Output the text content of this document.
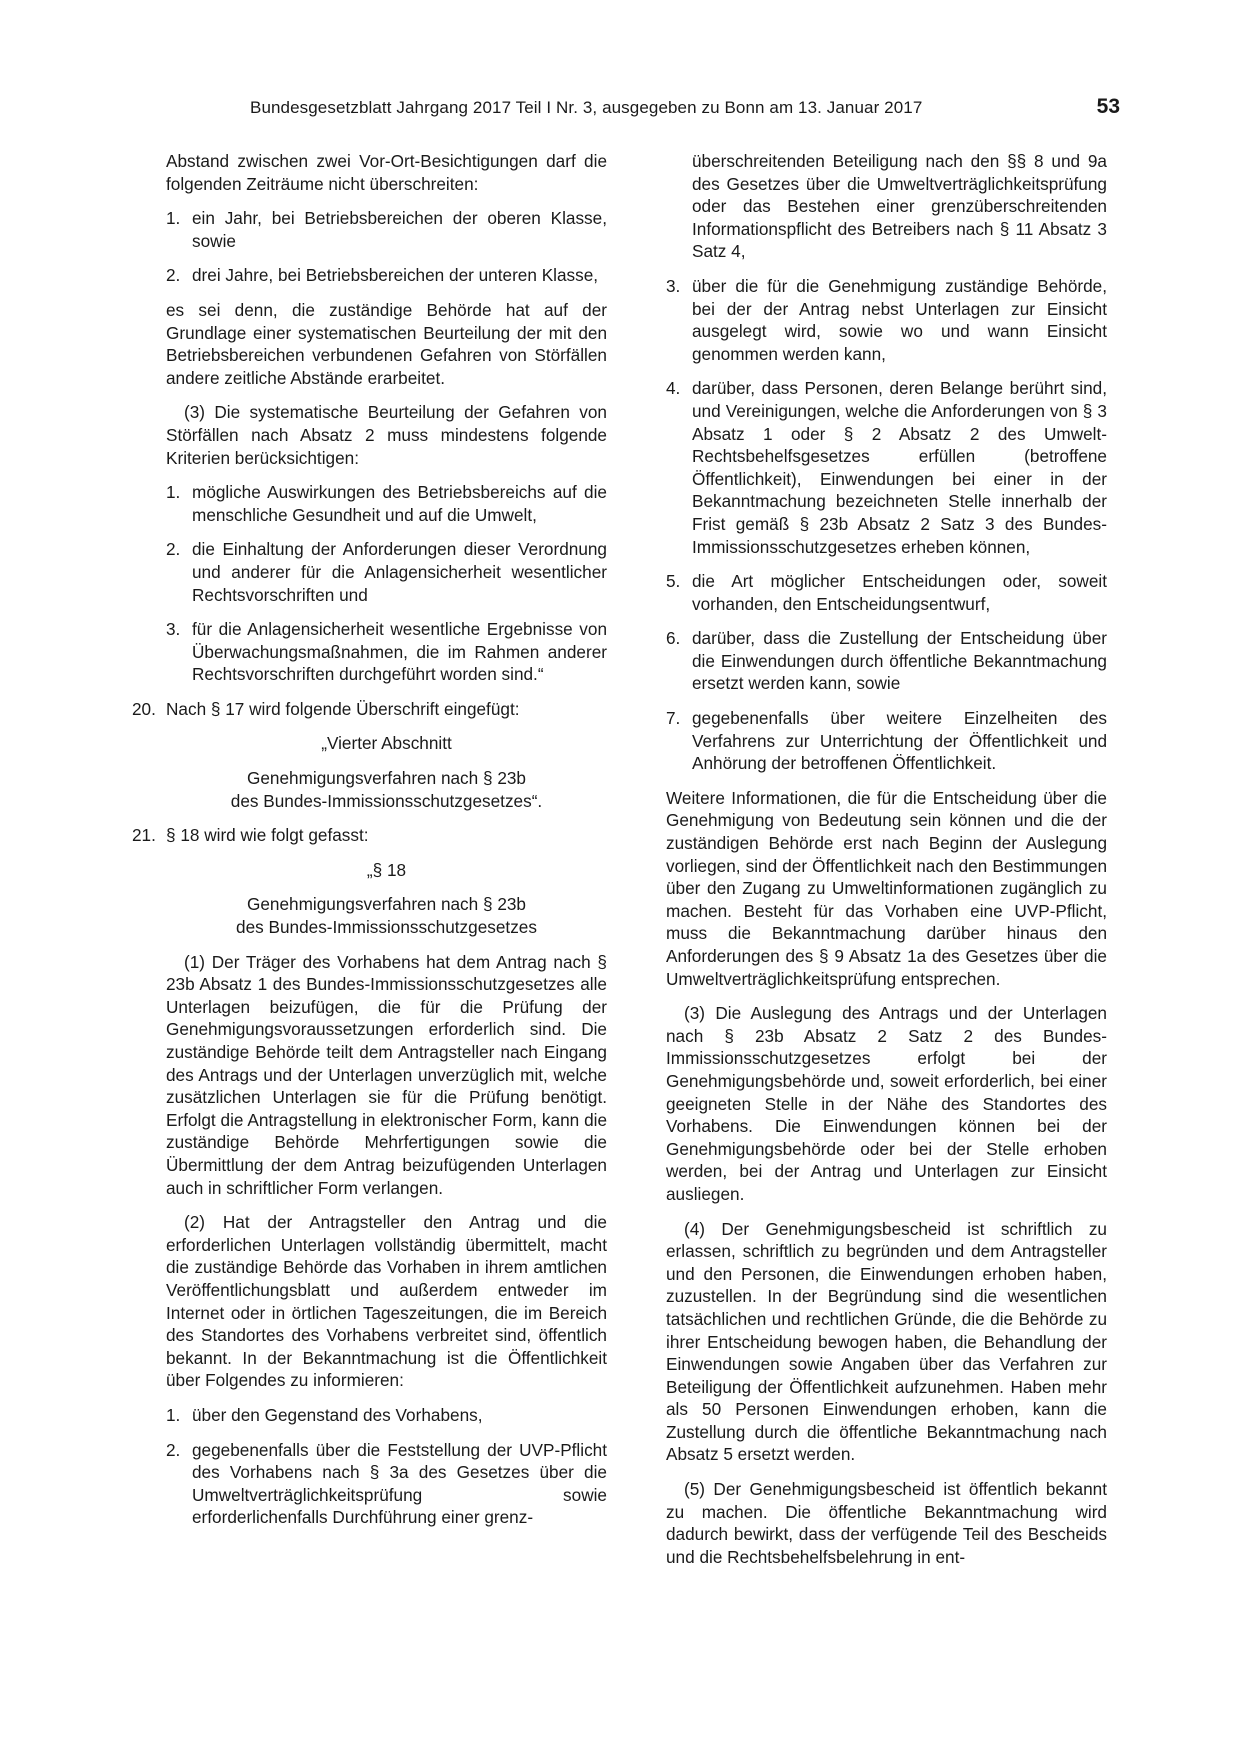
Bundesgesetzblatt Jahrgang 2017 Teil I Nr. 3, ausgegeben zu Bonn am 13. Januar 2017	53

Abstand zwischen zwei Vor-Ort-Besichtigungen darf die folgenden Zeiträume nicht überschreiten:

1. ein Jahr, bei Betriebsbereichen der oberen Klasse, sowie
2. drei Jahre, bei Betriebsbereichen der unteren Klasse,

es sei denn, die zuständige Behörde hat auf der Grundlage einer systematischen Beurteilung der mit den Betriebsbereichen verbundenen Gefahren von Störfällen andere zeitliche Abstände erarbeitet.

(3) Die systematische Beurteilung der Gefahren von Störfällen nach Absatz 2 muss mindestens folgende Kriterien berücksichtigen:

1. mögliche Auswirkungen des Betriebsbereichs auf die menschliche Gesundheit und auf die Umwelt,
2. die Einhaltung der Anforderungen dieser Verordnung und anderer für die Anlagensicherheit wesentlicher Rechtsvorschriften und
3. für die Anlagensicherheit wesentliche Ergebnisse von Überwachungsmaßnahmen, die im Rahmen anderer Rechtsvorschriften durchgeführt worden sind.“
20. Nach § 17 wird folgende Überschrift eingefügt:
„Vierter Abschnitt
Genehmigungsverfahren nach § 23b
des Bundes-Immissionsschutzgesetzes“.
21. § 18 wird wie folgt gefasst:
„§ 18
Genehmigungsverfahren nach § 23b
des Bundes-Immissionsschutzgesetzes

(1) Der Träger des Vorhabens hat dem Antrag nach § 23b Absatz 1 des Bundes-Immissionsschutzgesetzes alle Unterlagen beizufügen, die für die Prüfung der Genehmigungsvoraussetzungen erforderlich sind. Die zuständige Behörde teilt dem Antragsteller nach Eingang des Antrags und der Unterlagen unverzüglich mit, welche zusätzlichen Unterlagen sie für die Prüfung benötigt. Erfolgt die Antragstellung in elektronischer Form, kann die zuständige Behörde Mehrfertigungen sowie die Übermittlung der dem Antrag beizufügenden Unterlagen auch in schriftlicher Form verlangen.

(2) Hat der Antragsteller den Antrag und die erforderlichen Unterlagen vollständig übermittelt, macht die zuständige Behörde das Vorhaben in ihrem amtlichen Veröffentlichungsblatt und außerdem entweder im Internet oder in örtlichen Tageszeitungen, die im Bereich des Standortes des Vorhabens verbreitet sind, öffentlich bekannt. In der Bekanntmachung ist die Öffentlichkeit über Folgendes zu informieren:

1. über den Gegenstand des Vorhabens,
2. gegebenenfalls über die Feststellung der UVP-Pflicht des Vorhabens nach § 3a des Gesetzes über die Umweltverträglichkeitsprüfung sowie erforderlichenfalls Durchführung einer grenz-
überschreitenden Beteiligung nach den §§ 8 und 9a des Gesetzes über die Umweltverträglichkeitsprüfung oder das Bestehen einer grenzüberschreitenden Informationspflicht des Betreibers nach § 11 Absatz 3 Satz 4,
3. über die für die Genehmigung zuständige Behörde, bei der der Antrag nebst Unterlagen zur Einsicht ausgelegt wird, sowie wo und wann Einsicht genommen werden kann,
4. darüber, dass Personen, deren Belange berührt sind, und Vereinigungen, welche die Anforderungen von § 3 Absatz 1 oder § 2 Absatz 2 des Umwelt-Rechtsbehelfsgesetzes erfüllen (betroffene Öffentlichkeit), Einwendungen bei einer in der Bekanntmachung bezeichneten Stelle innerhalb der Frist gemäß § 23b Absatz 2 Satz 3 des Bundes-Immissionsschutzgesetzes erheben können,
5. die Art möglicher Entscheidungen oder, soweit vorhanden, den Entscheidungsentwurf,
6. darüber, dass die Zustellung der Entscheidung über die Einwendungen durch öffentliche Bekanntmachung ersetzt werden kann, sowie
7. gegebenenfalls über weitere Einzelheiten des Verfahrens zur Unterrichtung der Öffentlichkeit und Anhörung der betroffenen Öffentlichkeit.

Weitere Informationen, die für die Entscheidung über die Genehmigung von Bedeutung sein können und die der zuständigen Behörde erst nach Beginn der Auslegung vorliegen, sind der Öffentlichkeit nach den Bestimmungen über den Zugang zu Umweltinformationen zugänglich zu machen. Besteht für das Vorhaben eine UVP-Pflicht, muss die Bekanntmachung darüber hinaus den Anforderungen des § 9 Absatz 1a des Gesetzes über die Umweltverträglichkeitsprüfung entsprechen.

(3) Die Auslegung des Antrags und der Unterlagen nach § 23b Absatz 2 Satz 2 des Bundes-Immissionsschutzgesetzes erfolgt bei der Genehmigungsbehörde und, soweit erforderlich, bei einer geeigneten Stelle in der Nähe des Standortes des Vorhabens. Die Einwendungen können bei der Genehmigungsbehörde oder bei der Stelle erhoben werden, bei der Antrag und Unterlagen zur Einsicht ausliegen.

(4) Der Genehmigungsbescheid ist schriftlich zu erlassen, schriftlich zu begründen und dem Antragsteller und den Personen, die Einwendungen erhoben haben, zuzustellen. In der Begründung sind die wesentlichen tatsächlichen und rechtlichen Gründe, die die Behörde zu ihrer Entscheidung bewogen haben, die Behandlung der Einwendungen sowie Angaben über das Verfahren zur Beteiligung der Öffentlichkeit aufzunehmen. Haben mehr als 50 Personen Einwendungen erhoben, kann die Zustellung durch die öffentliche Bekanntmachung nach Absatz 5 ersetzt werden.

(5) Der Genehmigungsbescheid ist öffentlich bekannt zu machen. Die öffentliche Bekanntmachung wird dadurch bewirkt, dass der verfügende Teil des Bescheids und die Rechtsbehelfsbelehrung in ent-
